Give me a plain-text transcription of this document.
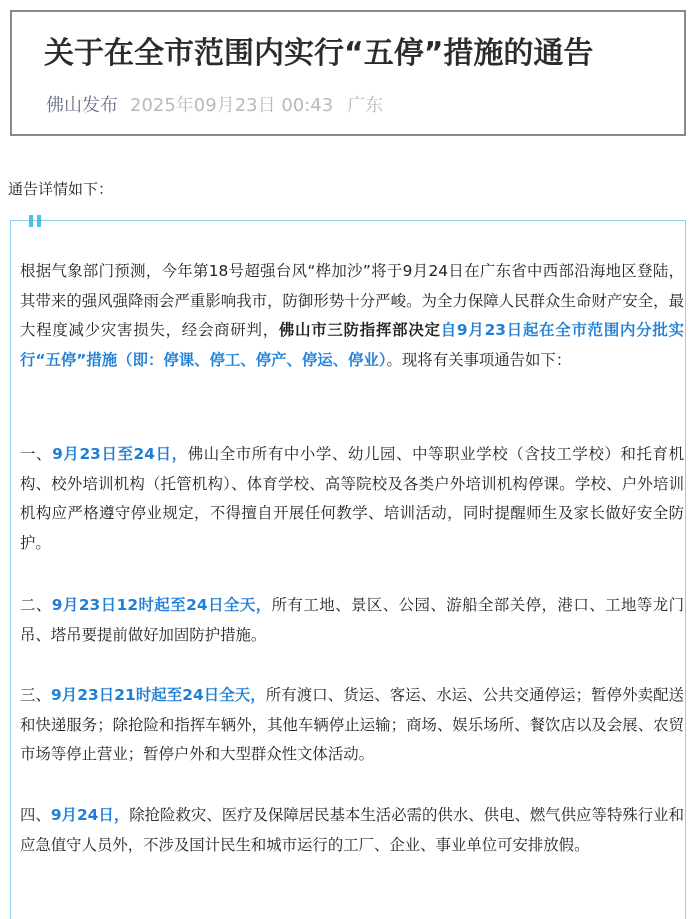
关于在全市范围内实行“五停”措施的通告
佛山发布 2025年09月23日 00:43 广东
通告详情如下：

根据气象部门预测，今年第18号超强台风“桦加沙”将于9月24日在广东省中西部沿海地区登陆，其带来的强风强降雨会严重影响我市，防御形势十分严峻。为全力保障人民群众生命财产安全，最大程度减少灾害损失，经会商研判，佛山市三防指挥部决定自9月23日起在全市范围内分批实行“五停”措施（即：停课、停工、停产、停运、停业）。现将有关事项通告如下：

一、9月23日至24日，佛山全市所有中小学、幼儿园、中等职业学校（含技工学校）和托育机构、校外培训机构（托管机构）、体育学校、高等院校及各类户外培训机构停课。学校、户外培训机构应严格遵守停业规定，不得擅自开展任何教学、培训活动，同时提醒师生及家长做好安全防护。

二、9月23日12时起至24日全天，所有工地、景区、公园、游船全部关停，港口、工地等龙门吊、塔吊要提前做好加固防护措施。

三、9月23日21时起至24日全天，所有渡口、货运、客运、水运、公共交通停运；暂停外卖配送和快递服务；除抢险和指挥车辆外，其他车辆停止运输；商场、娱乐场所、餐饮店以及会展、农贸市场等停止营业；暂停户外和大型群众性文体活动。

四、9月24日，除抢险救灾、医疗及保障居民基本生活必需的供水、供电、燃气供应等特殊行业和应急值守人员外，不涉及国计民生和城市运行的工厂、企业、事业单位可安排放假。
